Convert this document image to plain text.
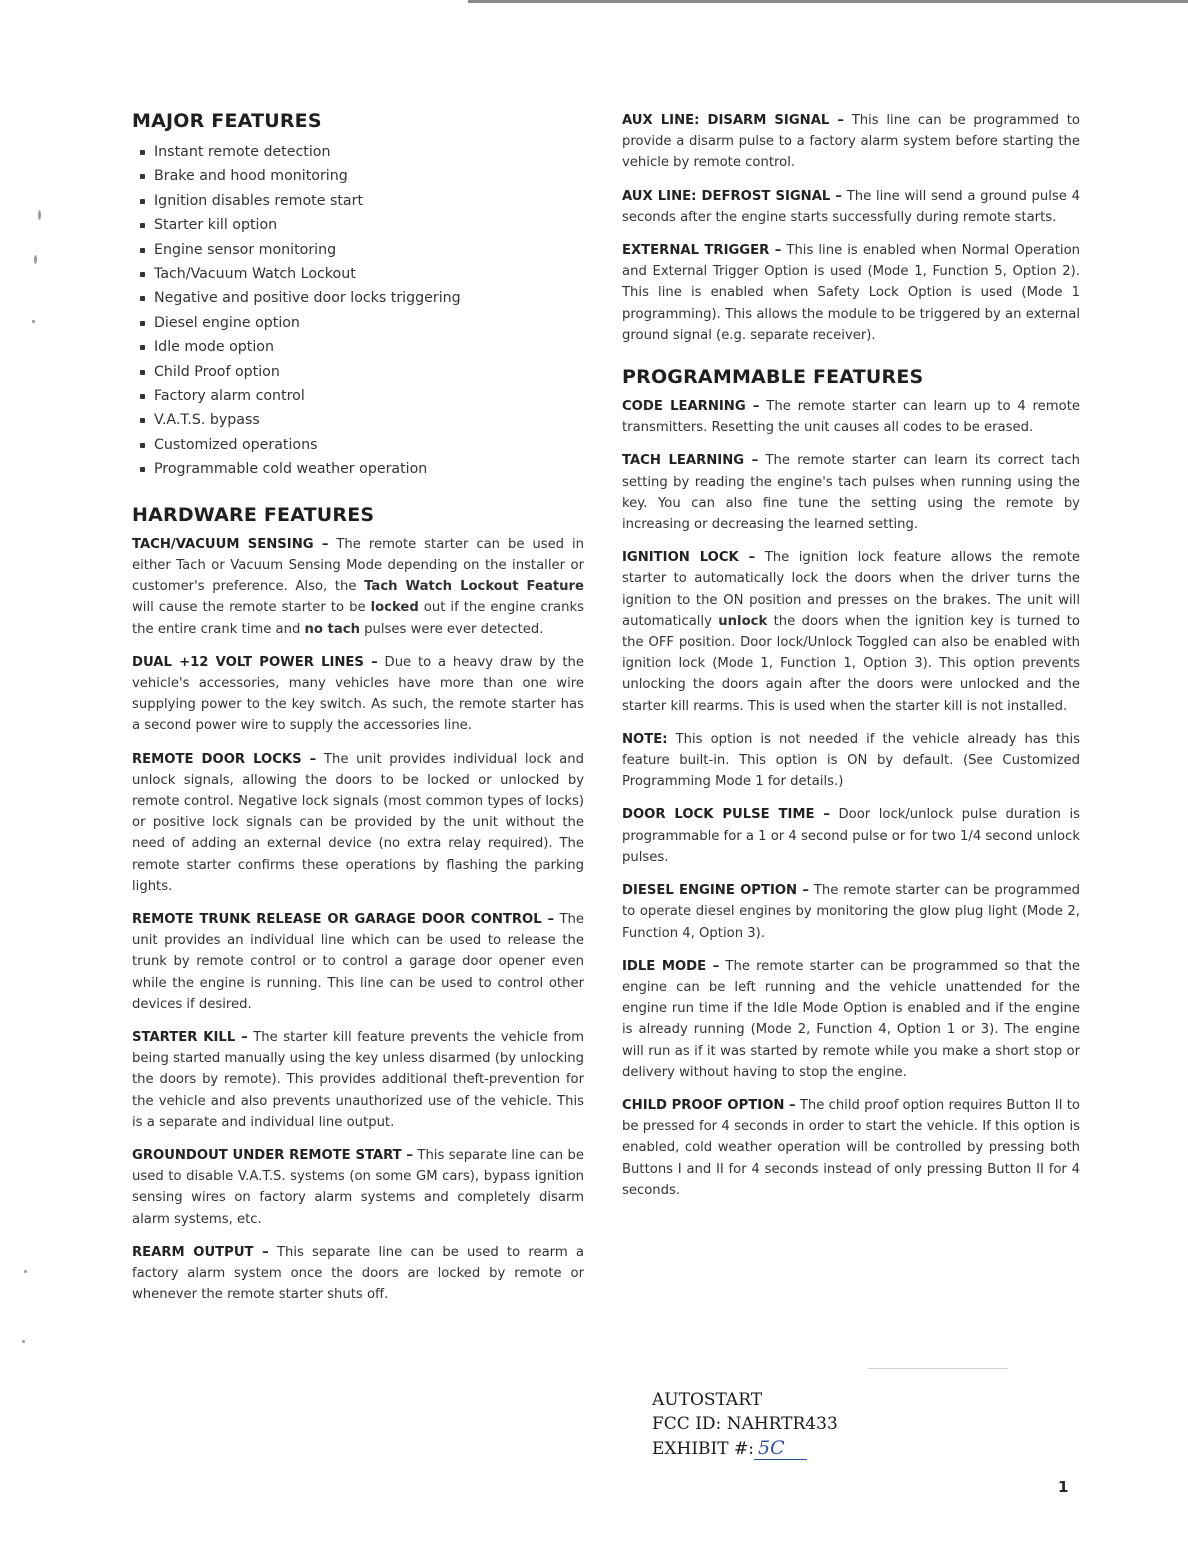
MAJOR FEATURES
Instant remote detection
Brake and hood monitoring
Ignition disables remote start
Starter kill option
Engine sensor monitoring
Tach/Vacuum Watch Lockout
Negative and positive door locks triggering
Diesel engine option
Idle mode option
Child Proof option
Factory alarm control
V.A.T.S. bypass
Customized operations
Programmable cold weather operation
HARDWARE FEATURES

TACH/VACUUM SENSING – The remote starter can be used in either Tach or Vacuum Sensing Mode depending on the installer or customer's preference. Also, the Tach Watch Lockout Feature will cause the remote starter to be locked out if the engine cranks the entire crank time and no tach pulses were ever detected.

DUAL +12 VOLT POWER LINES – Due to a heavy draw by the vehicle's accessories, many vehicles have more than one wire supplying power to the key switch. As such, the remote starter has a second power wire to supply the accessories line.

REMOTE DOOR LOCKS – The unit provides individual lock and unlock signals, allowing the doors to be locked or unlocked by remote control. Negative lock signals (most common types of locks) or positive lock signals can be provided by the unit without the need of adding an external device (no extra relay required). The remote starter confirms these operations by flashing the parking lights.

REMOTE TRUNK RELEASE OR GARAGE DOOR CONTROL – The unit provides an individual line which can be used to release the trunk by remote control or to control a garage door opener even while the engine is running. This line can be used to control other devices if desired.

STARTER KILL – The starter kill feature prevents the vehicle from being started manually using the key unless disarmed (by unlocking the doors by remote). This provides additional theft-prevention for the vehicle and also prevents unauthorized use of the vehicle. This is a separate and individual line output.

GROUNDOUT UNDER REMOTE START – This separate line can be used to disable V.A.T.S. systems (on some GM cars), bypass ignition sensing wires on factory alarm systems and completely disarm alarm systems, etc.

REARM OUTPUT – This separate line can be used to rearm a factory alarm system once the doors are locked by remote or whenever the remote starter shuts off.

AUX LINE: DISARM SIGNAL – This line can be programmed to provide a disarm pulse to a factory alarm system before starting the vehicle by remote control.

AUX LINE: DEFROST SIGNAL – The line will send a ground pulse 4 seconds after the engine starts successfully during remote starts.

EXTERNAL TRIGGER – This line is enabled when Normal Operation and External Trigger Option is used (Mode 1, Function 5, Option 2). This line is enabled when Safety Lock Option is used (Mode 1 programming). This allows the module to be triggered by an external ground signal (e.g. separate receiver).

PROGRAMMABLE FEATURES

CODE LEARNING – The remote starter can learn up to 4 remote transmitters. Resetting the unit causes all codes to be erased.

TACH LEARNING – The remote starter can learn its correct tach setting by reading the engine's tach pulses when running using the key. You can also fine tune the setting using the remote by increasing or decreasing the learned setting.

IGNITION LOCK – The ignition lock feature allows the remote starter to automatically lock the doors when the driver turns the ignition to the ON position and presses on the brakes. The unit will automatically unlock the doors when the ignition key is turned to the OFF position. Door lock/Unlock Toggled can also be enabled with ignition lock (Mode 1, Function 1, Option 3). This option prevents unlocking the doors again after the doors were unlocked and the starter kill rearms. This is used when the starter kill is not installed.

NOTE: This option is not needed if the vehicle already has this feature built-in. This option is ON by default. (See Customized Programming Mode 1 for details.)

DOOR LOCK PULSE TIME – Door lock/unlock pulse duration is programmable for a 1 or 4 second pulse or for two 1/4 second unlock pulses.

DIESEL ENGINE OPTION – The remote starter can be programmed to operate diesel engines by monitoring the glow plug light (Mode 2, Function 4, Option 3).

IDLE MODE – The remote starter can be programmed so that the engine can be left running and the vehicle unattended for the engine run time if the Idle Mode Option is enabled and if the engine is already running (Mode 2, Function 4, Option 1 or 3). The engine will run as if it was started by remote while you make a short stop or delivery without having to stop the engine.

CHILD PROOF OPTION – The child proof option requires Button II to be pressed for 4 seconds in order to start the vehicle. If this option is enabled, cold weather operation will be controlled by pressing both Buttons I and II for 4 seconds instead of only pressing Button II for 4 seconds.

AUTOSTART
FCC ID: NAHRTR433
EXHIBIT #: 5C
1
